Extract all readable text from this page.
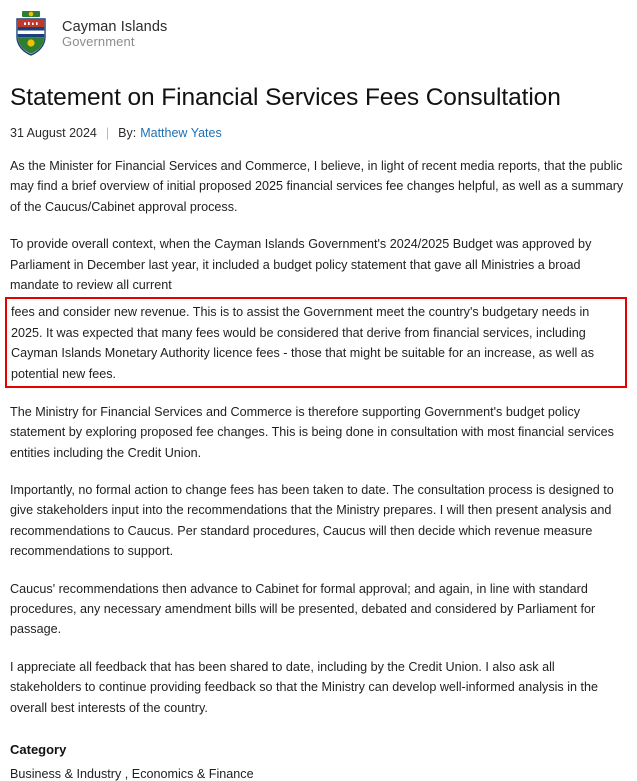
Cayman Islands
Government
Statement on Financial Services Fees Consultation
31 August 2024 | By: Matthew Yates

As the Minister for Financial Services and Commerce, I believe, in light of recent media reports, that the public may find a brief overview of initial proposed 2025 financial services fee changes helpful, as well as a summary of the Caucus/Cabinet approval process.

To provide overall context, when the Cayman Islands Government's 2024/2025 Budget was approved by Parliament in December last year, it included a budget policy statement that gave all Ministries a broad mandate to review all current

fees and consider new revenue. This is to assist the Government meet the country's budgetary needs in 2025. It was expected that many fees would be considered that derive from financial services, including Cayman Islands Monetary Authority licence fees - those that might be suitable for an increase, as well as potential new fees.

The Ministry for Financial Services and Commerce is therefore supporting Government's budget policy statement by exploring proposed fee changes. This is being done in consultation with most financial services entities including the Credit Union.

Importantly, no formal action to change fees has been taken to date. The consultation process is designed to give stakeholders input into the recommendations that the Ministry prepares. I will then present analysis and recommendations to Caucus. Per standard procedures, Caucus will then decide which revenue measure recommendations to support.

Caucus' recommendations then advance to Cabinet for formal approval; and again, in line with standard procedures, any necessary amendment bills will be presented, debated and considered by Parliament for passage.

I appreciate all feedback that has been shared to date, including by the Credit Union. I also ask all stakeholders to continue providing feedback so that the Ministry can develop well-informed analysis in the overall best interests of the country.

Category
Business & Industry , Economics & Finance
